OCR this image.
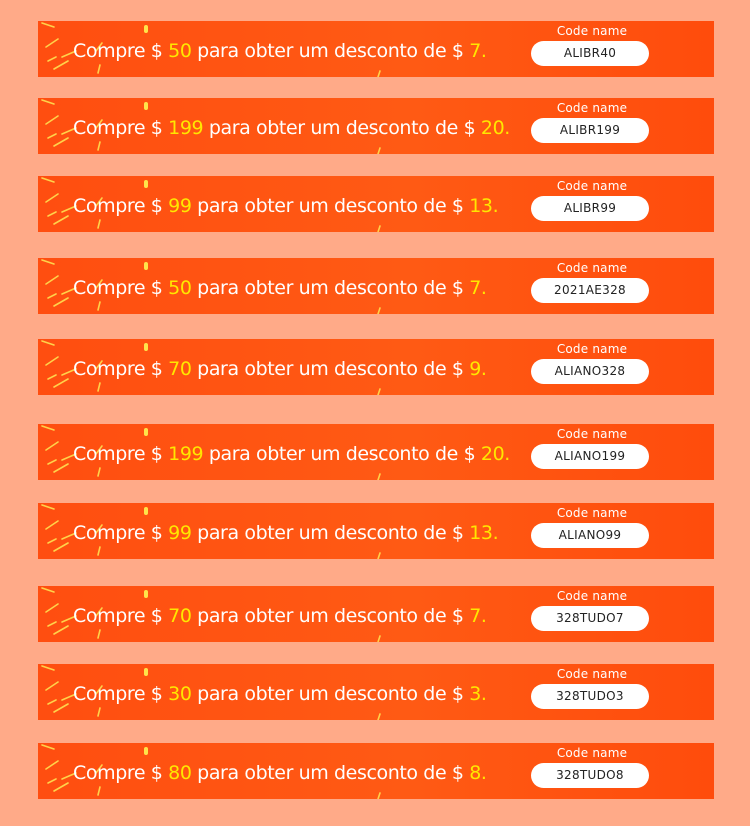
Compre $ 50 para obter um desconto de $ 7.
Code name
ALIBR40
Compre $ 199 para obter um desconto de $ 20.
Code name
ALIBR199
Compre $ 99 para obter um desconto de $ 13.
Code name
ALIBR99
Compre $ 50 para obter um desconto de $ 7.
Code name
2021AE328
Compre $ 70 para obter um desconto de $ 9.
Code name
ALIANO328
Compre $ 199 para obter um desconto de $ 20.
Code name
ALIANO199
Compre $ 99 para obter um desconto de $ 13.
Code name
ALIANO99
Compre $ 70 para obter um desconto de $ 7.
Code name
328TUDO7
Compre $ 30 para obter um desconto de $ 3.
Code name
328TUDO3
Compre $ 80 para obter um desconto de $ 8.
Code name
328TUDO8
